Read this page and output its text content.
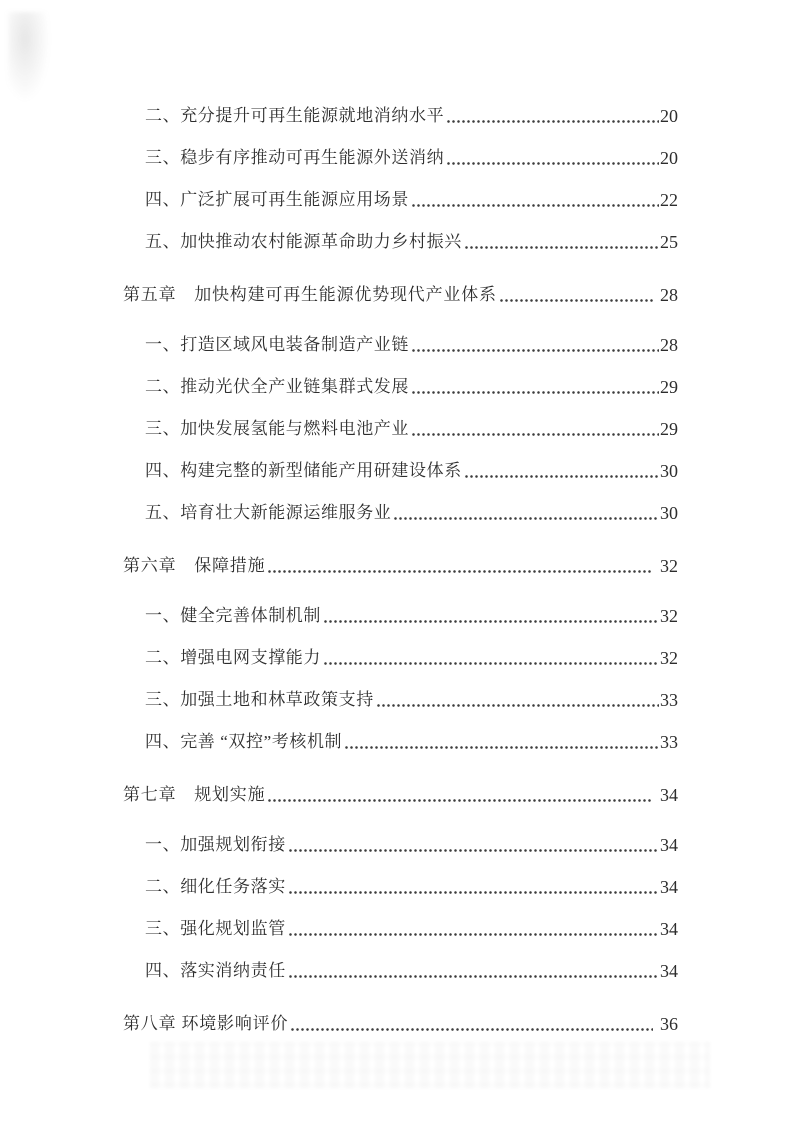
二、充分提升可再生能源就地消纳水平	20
三、稳步有序推动可再生能源外送消纳	20
四、广泛扩展可再生能源应用场景	22
五、加快推动农村能源革命助力乡村振兴	25
第五章　加快构建可再生能源优势现代产业体系	28
一、打造区域风电装备制造产业链	28
二、推动光伏全产业链集群式发展	29
三、加快发展氢能与燃料电池产业	29
四、构建完整的新型储能产用研建设体系	30
五、培育壮大新能源运维服务业	30
第六章　保障措施	32
一、健全完善体制机制	32
二、增强电网支撑能力	32
三、加强土地和林草政策支持	33
四、完善 “双控”考核机制	33
第七章　规划实施	34
一、加强规划衔接	34
二、细化任务落实	34
三、强化规划监管	34
四、落实消纳责任	34
第八章 环境影响评价	36
